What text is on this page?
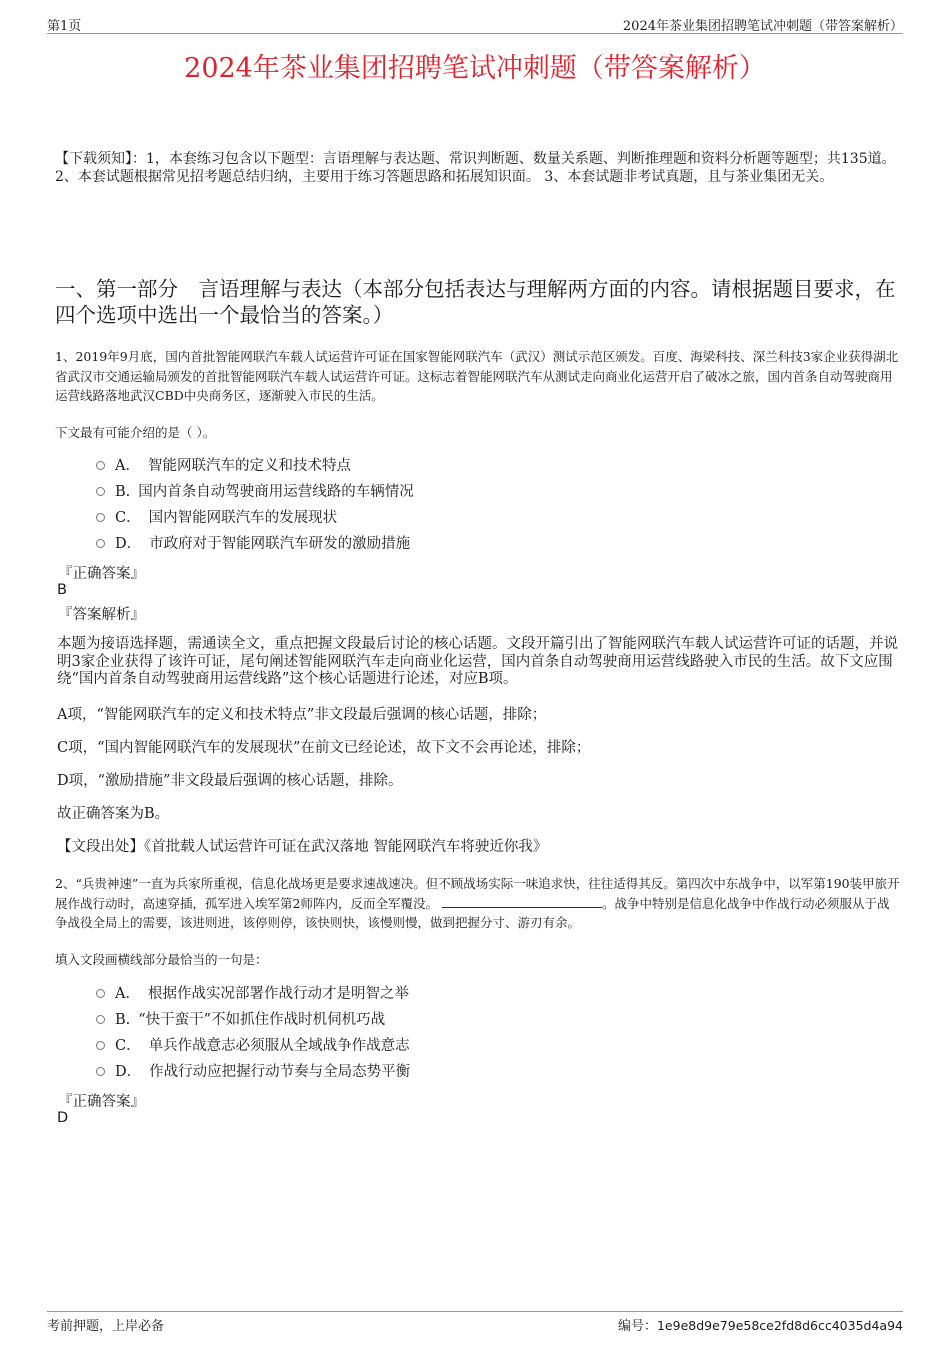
第1页	2024年茶业集团招聘笔试冲刺题（带答案解析）
2024年茶业集团招聘笔试冲刺题（带答案解析）
【下载须知】：1，本套练习包含以下题型：言语理解与表达题、常识判断题、数量关系题、判断推理题和资料分析题等题型；共135道。 2、本套试题根据常见招考题总结归纳，主要用于练习答题思路和拓展知识面。 3、本套试题非考试真题，且与茶业集团无关。
一、第一部分　言语理解与表达（本部分包括表达与理解两方面的内容。请根据题目要求，在四个选项中选出一个最恰当的答案。）
1、2019年9月底，国内首批智能网联汽车载人试运营许可证在国家智能网联汽车（武汉）测试示范区颁发。百度、海梁科技、深兰科技3家企业获得湖北省武汉市交通运输局颁发的首批智能网联汽车载人试运营许可证。这标志着智能网联汽车从测试走向商业化运营开启了破冰之旅，国内首条自动驾驶商用运营线路落地武汉CBD中央商务区，逐渐驶入市民的生活。
下文最有可能介绍的是（ ）。
A． 智能网联汽车的定义和技术特点
B. 国内首条自动驾驶商用运营线路的车辆情况
C． 国内智能网联汽车的发展现状
D． 市政府对于智能网联汽车研发的激励措施
『正确答案』
B
『答案解析』
本题为接语选择题，需通读全文，重点把握文段最后讨论的核心话题。文段开篇引出了智能网联汽车载人试运营许可证的话题，并说明3家企业获得了该许可证，尾句阐述智能网联汽车走向商业化运营，国内首条自动驾驶商用运营线路驶入市民的生活。故下文应围绕“国内首条自动驾驶商用运营线路”这个核心话题进行论述，对应B项。
A项，“智能网联汽车的定义和技术特点”非文段最后强调的核心话题，排除；
C项，“国内智能网联汽车的发展现状”在前文已经论述，故下文不会再论述，排除；
D项，“激励措施”非文段最后强调的核心话题，排除。
故正确答案为B。
【文段出处】《首批载人试运营许可证在武汉落地 智能网联汽车将驶近你我》
2、“兵贵神速”一直为兵家所重视，信息化战场更是要求速战速决。但不顾战场实际一味追求快，往往适得其反。第四次中东战争中，以军第190装甲旅开展作战行动时，高速穿插，孤军进入埃军第2师阵内，反而全军覆没。	。战争中特别是信息化战争中作战行动必须服从于战争战役全局上的需要，该进则进，该停则停，该快则快，该慢则慢，做到把握分寸、游刃有余。
填入文段画横线部分最恰当的一句是：
A． 根据作战实况部署作战行动才是明智之举
B. “快干蛮干”不如抓住作战时机伺机巧战
C． 单兵作战意志必须服从全域战争作战意志
D． 作战行动应把握行动节奏与全局态势平衡
『正确答案』
D
考前押题，上岸必备	编号：1e9e8d9e79e58ce2fd8d6cc4035d4a94
